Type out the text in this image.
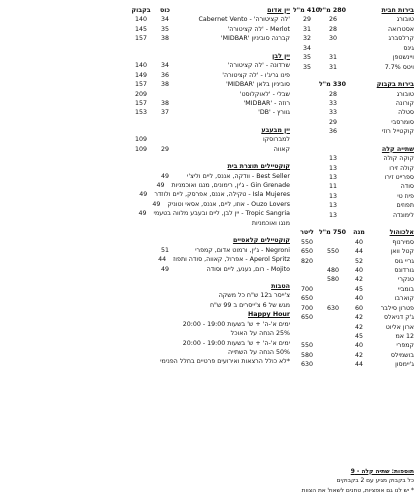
בירות חבית
280 מ"ל
410 מ"ל
טובורג
26
29
אסטרואה
28
31
קרלסברג
30
32
גינס
34
ויינשטפן
31
35
ויטס 7.7%
31
35
בירות בקבוק
330 מ"ל
טובורג
28
קורונה
33
סטלה
33
סומרסבי
29
קוקטייל רוזי
36
שתייה קלה
קוקה קולה
13
קולה זירו
13
ספרייט זירו
13
סודה
11
פיוז טי
13
תפוזים
13
לימונדה
13
אלכוהול
מנה
750 מ"ל
ליטר
סמירנוף
40
550
קטל וואן
44
550
650
גריי גוס
52
820
גורדונס
40
480
טנקרי
42
580
בומביי
45
700
קוארבו
40
650
פטרון סילבר
60
630
700
ג'ק דניאלס
42
650
ארון אליוט
42
12 אמ
45
קמפרי
40
550
בושמילס
42
580
ג'יימסון
44
630
יין אדום
כוס
בקבוק
'לה קציטורה' - Cabernet Vento
34
140
Merlot - 'לה קציטורה'
35
145
קברנה סוביניון 'MIDBAR'
38
157
יין לבן
שרדונה - 'לה קציטורה'
34
140
פינו גריג'ו - 'לה קציטורה'
36
149
סוביניון בלאן 'MIDBAR'
38
157
שבלי - 'לאוקלוסט'
209
רוזה - 'MIDBAR'
38
157
גוורץ - 'DB'
37
153
יין מבעבע
למברוסקו
109
קאווה
29
109
קוקטיילים תוצרת בית
Best Seller - וודקה, אננס, ליים וליצ'י
49
Gin Grenade - ג'ין, רימונים, מנגו ואוכמניות
49
Isla Mujeres - טקילה, אננס, אפרסק, ליים ולוזדר
49
Ouzo Lovers - אוזו, ליים, אננס, אסאי וטוניק
49
Tropic Sangria - יין לבן, ליים ובעבע מלווה בטעמי
49
מנגו ואוכמניות
קוקטיילים קלאסיים
Negroni - ג'ין, ורמוט אדום, קמפרי
51
Aperol Spritz - אפרול, קאווה, סודה ותפוז
44
Mojito - רום, נענע, ליים וסודה
49
הטבות
צ'ייסר ב12 ש"ח כל משקה
מגש של 6 צ'ייסרים ב 99 ש"ח
Happy Hour
ימים א'-ה' + ש' בשעות 19:00 - 20:00
25% הנחה על האוכל
ימים א'-ה' + ש' בשעות 19:00 - 20:00
50% הנחה על השתייה
*לא כולל הרצאות ואירועים פרטיים בחלל הפנימי
תוספות: שתיה קלה - 9
כל בקבוק מגיע עם 2 בקבוקים
* יש לנו גם אופציות, טחנים לשאול את הצוות
